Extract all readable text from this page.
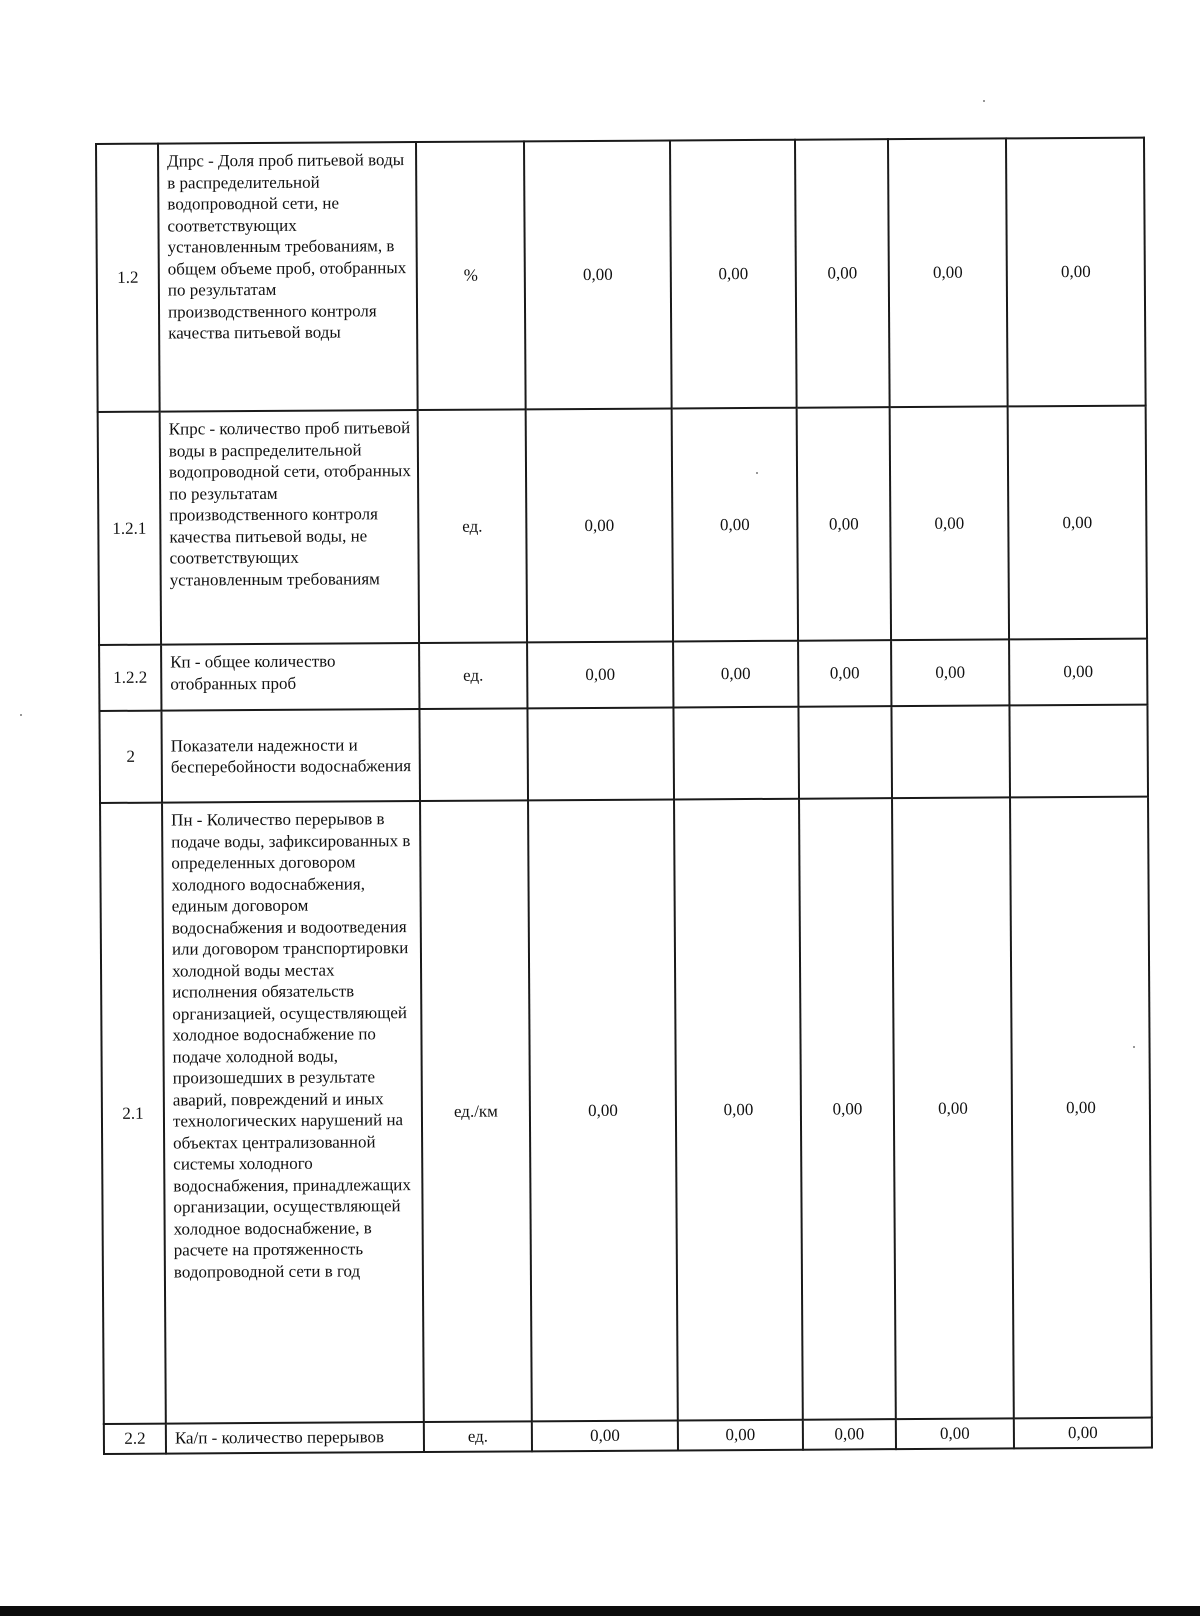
1.2	Дпрс - Доля проб питьевой воды в распределительной водопроводной сети, не соответствующих установленным требованиям, в общем объеме проб, отобранных по результатам производственного контроля качества питьевой воды	%	0,00	0,00	0,00	0,00	0,00
1.2.1	Кпрс - количество проб питьевой воды в распределительной водопроводной сети, отобранных по результатам производственного контроля качества питьевой воды, не соответствующих установленным требованиям	ед.	0,00	0,00	0,00	0,00	0,00
1.2.2	Кп - общее количество отобранных проб	ед.	0,00	0,00	0,00	0,00	0,00
2	Показатели надежности и бесперебойности водоснабжения						
2.1	Пн - Количество перерывов в подаче воды, зафиксированных в определенных договором холодного водоснабжения, единым договором водоснабжения и водоотведения или договором транспортировки холодной воды местах исполнения обязательств организацией, осуществляющей холодное водоснабжение по подаче холодной воды, произошедших в результате аварий, повреждений и иных технологических нарушений на объектах централизованной системы холодного водоснабжения, принадлежащих организации, осуществляющей холодное водоснабжение, в расчете на протяженность водопроводной сети в год	ед./км	0,00	0,00	0,00	0,00	0,00
2.2	Ка/п - количество перерывов	ед.	0,00	0,00	0,00	0,00	0,00
